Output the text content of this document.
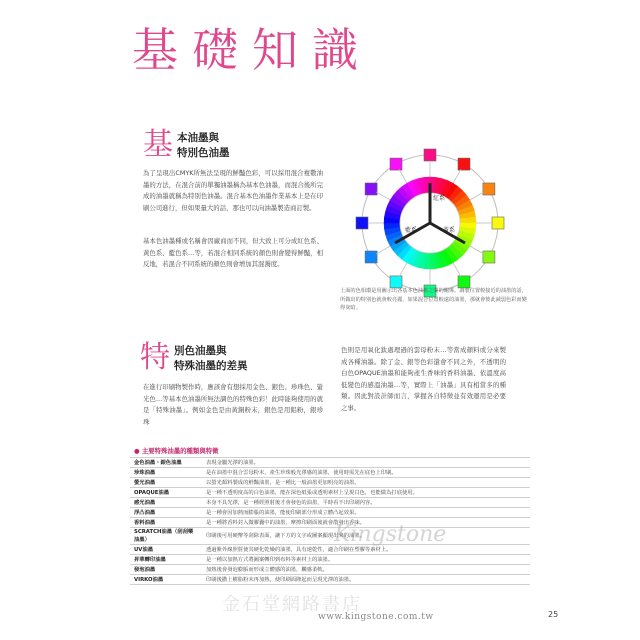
基礎知識
基 本油墨與
特別色油墨
為了呈現出CMYK所無法呈現的鮮豔色彩，可以採用混合複數油墨的方法，在混合前的單獨油墨稱為基本色油墨，而混合後所完成的油墨就稱為特別色油墨。混合基本色油墨作業基本上是在印刷公司進行，但如果量大的話，那也可以向油墨製造商訂製。
基本色油墨種或名稱會因廠商而不同，但大致上可分成紅色系、黃色系、藍色系…等，若混合相同系統的顏色則會變得鮮豔，相反地，若混合不同系統的顏色則會增加其混濁度。
紅系
藍系	黃系
上面的色相環是用圖示出各基本色油墨之間的關係。調製位置較接近的油墨的話，所做出的特別色就會較亮麗，如果混合位置較遠的油墨，那就會彼此減弱色彩而變得灰暗。
特 別色油墨與
特殊油墨的差異
在進行印刷物製作時，應該會有想採用金色、銀色、珍珠色、螢光色…等基本色油墨所無法調色的特殊色彩！此時能夠使用的就是「特殊油墨」。例如金色是由黃銅粉末，銀色是用鋁粉，銀珍珠
色則是用氧化鈦處理過的雲母粉末…等當成顏料或分來製成各種油墨。除了金、銀等色彩還會不同之外，不透明的白色OPAQUE油墨和能夠產生香味的香料油墨、依溫度高低變色的感溫油墨…等，實際上「油墨」具有相當多的種類。因此對設計師而言，掌握各自特徵並有效運用是必要之事。
● 主要特殊油墨的種類與特徵
金色油墨・銀色油墨	表現金屬光澤的油墨。
珍珠油墨	是在油墨中混合雲母粉末，產生珍珠般光澤感的油墨，使用時需先在底色上印刷。
螢光油墨	以螢光顏料製成的鮮豔油墨，是一種比一般油墨更加明亮的油墨。
OPAQUE油墨	是一種不透明度高的白色油墨，能在深色紙張或透明素材上呈現白色，也能做為打底使用。
感光油墨	本身不具光澤，是一種經照射後才會發色的油墨，平時看不出印刷內容。
浮凸油墨	是一種會因加熱而膨脹的油墨，能使印刷部分形成立體凸起效果。
香料油墨	是一種將香料封入微膠囊中的油墨，摩擦印刷面後就會散發出香味。
SCRATCH油墨（刮刮樂油墨）	印刷後可用硬幣等刮除表面，讓下方的文字或圖案顯現出來的油墨。
UV油墨	透過紫外線照射使其硬化乾燥的油墨，具有速乾性，適合印刷在塑膠等素材上。
昇華轉印油墨	是一種以加熱方式將圖案轉印到布料等素材上的油墨。
發泡油墨	加熱後會發泡膨脹而形成立體感的油墨，觸感柔軟。
VIRKO油墨	印刷後撒上樹脂粉末再加熱，使印刷面隆起而呈現光澤的油墨。
Kingstone
金石堂網路書店
www.kingstone.com.tw	25
